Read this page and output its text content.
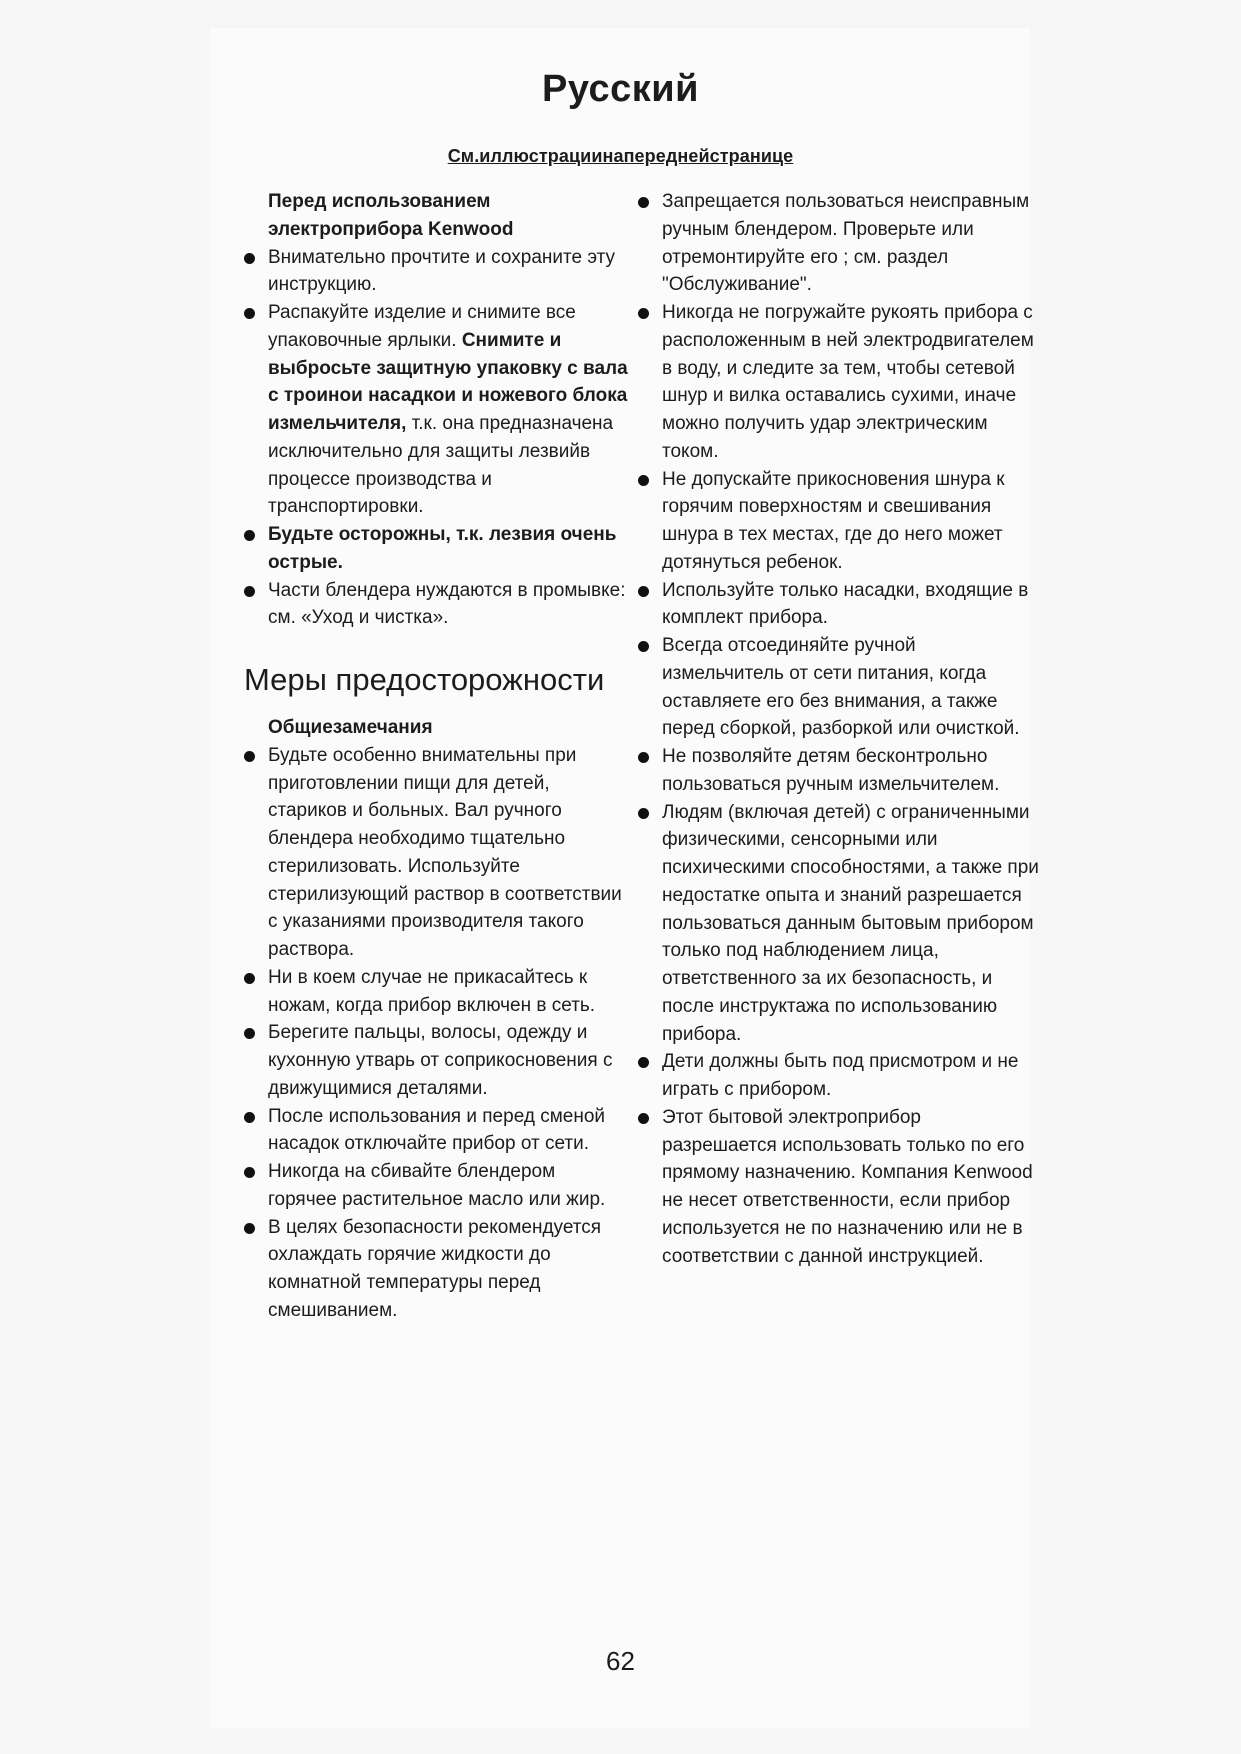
Русский

См.иллюстрациинапереднейстранице

Перед использованием электроприбора Kenwood

Внимательно прочтите и сохраните эту инструкцию.
Распакуйте изделие и снимите все упаковочные ярлыки. Снимите и выбросьте защитную упаковку с вала с троинои насадкои и ножевого блока измельчителя, т.к. она предназначена исключительно для защиты лезвийв процессе производства и транспортировки.
Будьте осторожны, т.к. лезвия очень острые.
Части блендера нуждаются в промывке: см. «Уход и чистка».
Меры предосторожности

Общиезамечания

Будьте особенно внимательны при приготовлении пищи для детей, стариков и больных. Вал ручного блендера необходимо тщательно стерилизовать. Используйте стерилизующий раствор в соответствии с указаниями производителя такого раствора.
Ни в коем случае не прикасайтесь к ножам, когда прибор включен в сеть.
Берегите пальцы, волосы, одежду и кухонную утварь от соприкосновения с движущимися деталями.
После использования и перед сменой насадок отключайте прибор от сети.
Никогда на сбивайте блендером горячее растительное масло или жир.
В целях безопасности рекомендуется охлаждать горячие жидкости до комнатной температуры перед смешиванием.
Запрещается пользоваться неисправным ручным блендером. Проверьте или отремонтируйте его ; см. раздел "Обслуживание".
Никогда не погружайте рукоять прибора с расположенным в ней электродвигателем в воду, и следите за тем, чтобы сетевой шнур и вилка оставались сухими, иначе можно получить удар электрическим током.
Не допускайте прикосновения шнура к горячим поверхностям и свешивания шнура в тех местах, где до него может дотянуться ребенок.
Используйте только насадки, входящие в комплект прибора.
Всегда отсоединяйте ручной измельчитель от сети питания, когда оставляете его без внимания, а также перед сборкой, разборкой или очисткой.
Не позволяйте детям бесконтрольно пользоваться ручным измельчителем.
Людям (включая детей) с ограниченными физическими, сенсорными или психическими способностями, а также при недостатке опыта и знаний разрешается пользоваться данным бытовым прибором только под наблюдением лица, ответственного за их безопасность, и после инструктажа по использованию прибора.
Дети должны быть под присмотром и не играть с прибором.
Этот бытовой электроприбор разрешается использовать только по его прямому назначению. Компания Kenwood не несет ответственности, если прибор используется не по назначению или не в соответствии с данной инструкцией.

62
